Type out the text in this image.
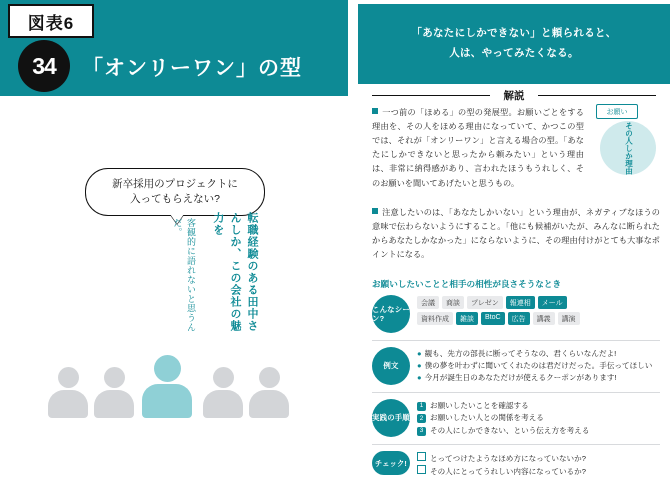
図表6
34	「オンリーワン」の型
新卒採用のプロジェクトに
入ってもらえない?
転職経験のある田中さんしか、この会社の魅力を
客観的に語れないと思うんだ。
「あなたにしかできない」と頼られると、
人は、やってみたくなる。
解説
一つ前の「ほめる」の型の発展型。お願いごとをする理由を、その人をほめる理由になっていて、かつこの型では、それが「オンリーワン」と言える場合の型。「あなたにしかできないと思ったから頼みたい」という理由は、非常に納得感があり、言われたほうもうれしく、そのお願いを聞いてあげたいと思うもの。
お願い
その人しか理由
注意したいのは、「あなたしかいない」という理由が、ネガティブなほうの意味で伝わらないようにすること。「他にも候補がいたが、みんなに断られたからあなたしかなかった」にならないように、その理由付けがとても大事なポイントになる。
お願いしたいことと相手の相性が良さそうなとき
こんなシーン?
会議	商談	プレゼン	報連相	メール
資料作成	雑談	BtoC	広告	講義	講演
例文
● 観も、先方の部長に断ってそうなの、君くらいなんだよ!
● 僕の夢を叶わずに聞いてくれたのは君だけだった。手伝ってほしい
● 今月が誕生日のあなただけが使えるクーポンがあります!
実践の手順
1 お願いしたいことを確認する
2 お願いしたい人との関係を考える
3 その人にしかできない、という伝え方を考える
チェック!	とってつけたようなほめ方になっていないか?
その人にとってうれしい内容になっているか?
